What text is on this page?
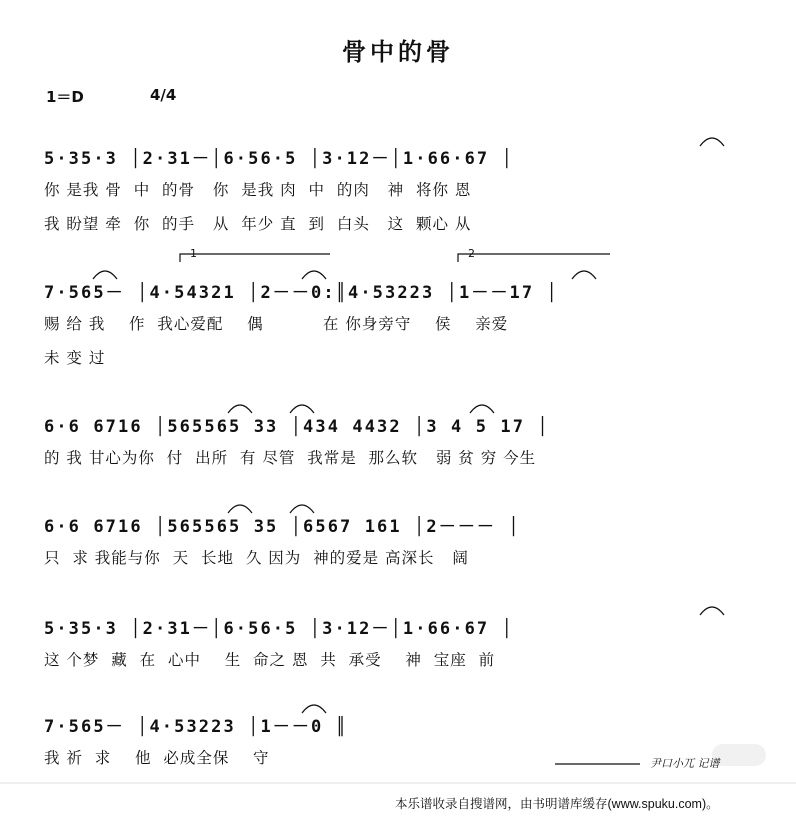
骨中的骨
1＝D	4/4
5·35·3 │2·31－│6·56·5 │3·12－│1·66·67 │
你 是我 骨  中  的骨   你  是我 肉  中  的肉   神  将你 恩
我 盼望 牵  你  的手   从  年少 直  到  白头   这  颗心 从
7·565－ │4·54321 │2－－0:║4·53223 │1－－17 │
赐 给 我    作  我心爱配    偶          在 你身旁守    侯    亲爱
未 变 过
6·6 6716 │565565 33 │434 4432 │3 4 5 17 │
的 我 甘心为你  付  出所  有 尽管  我常是  那么软   弱 贫 穷 今生
6·6 6716 │565565 35 │6567 161 │2－－－ │
只  求 我能与你  天  长地  久 因为  神的爱是 高深长   阔
5·35·3 │2·31－│6·56·5 │3·12－│1·66·67 │
这 个梦  藏  在  心中    生  命之 恩  共  承受    神  宝座  前
7·565－ │4·53223 │1－－0 ║
我 祈  求    他  必成全保    守
1	2
尹口小兀 记谱
本乐谱收录自搜谱网，由书明谱库缓存(www.spuku.com)。
